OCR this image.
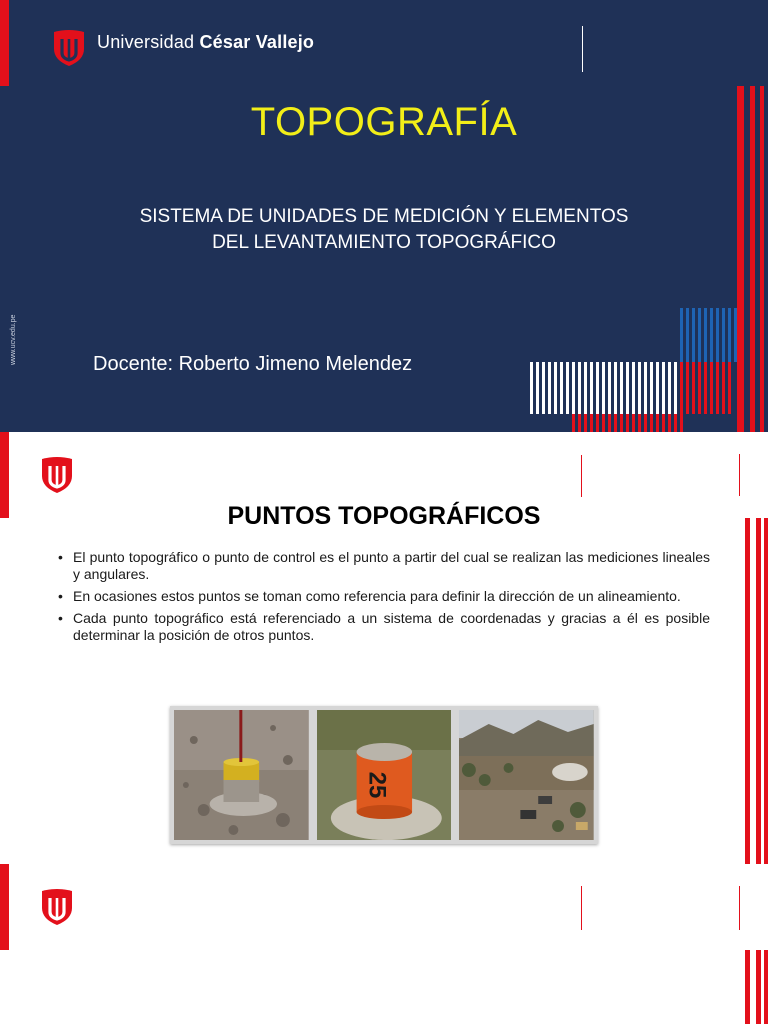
Universidad César Vallejo
TOPOGRAFÍA
SISTEMA DE UNIDADES DE MEDICIÓN Y ELEMENTOS
DEL LEVANTAMIENTO TOPOGRÁFICO
Docente: Roberto Jimeno Melendez
www.ucv.edu.pe
PUNTOS TOPOGRÁFICOS
• El punto topográfico o punto de control es el punto a partir del cual se realizan las mediciones lineales y angulares.
• En ocasiones estos puntos se toman como referencia para definir la dirección de un alineamiento.
• Cada punto topográfico está referenciado a un sistema de coordenadas y gracias a él es posible determinar la posición de otros puntos.
25
